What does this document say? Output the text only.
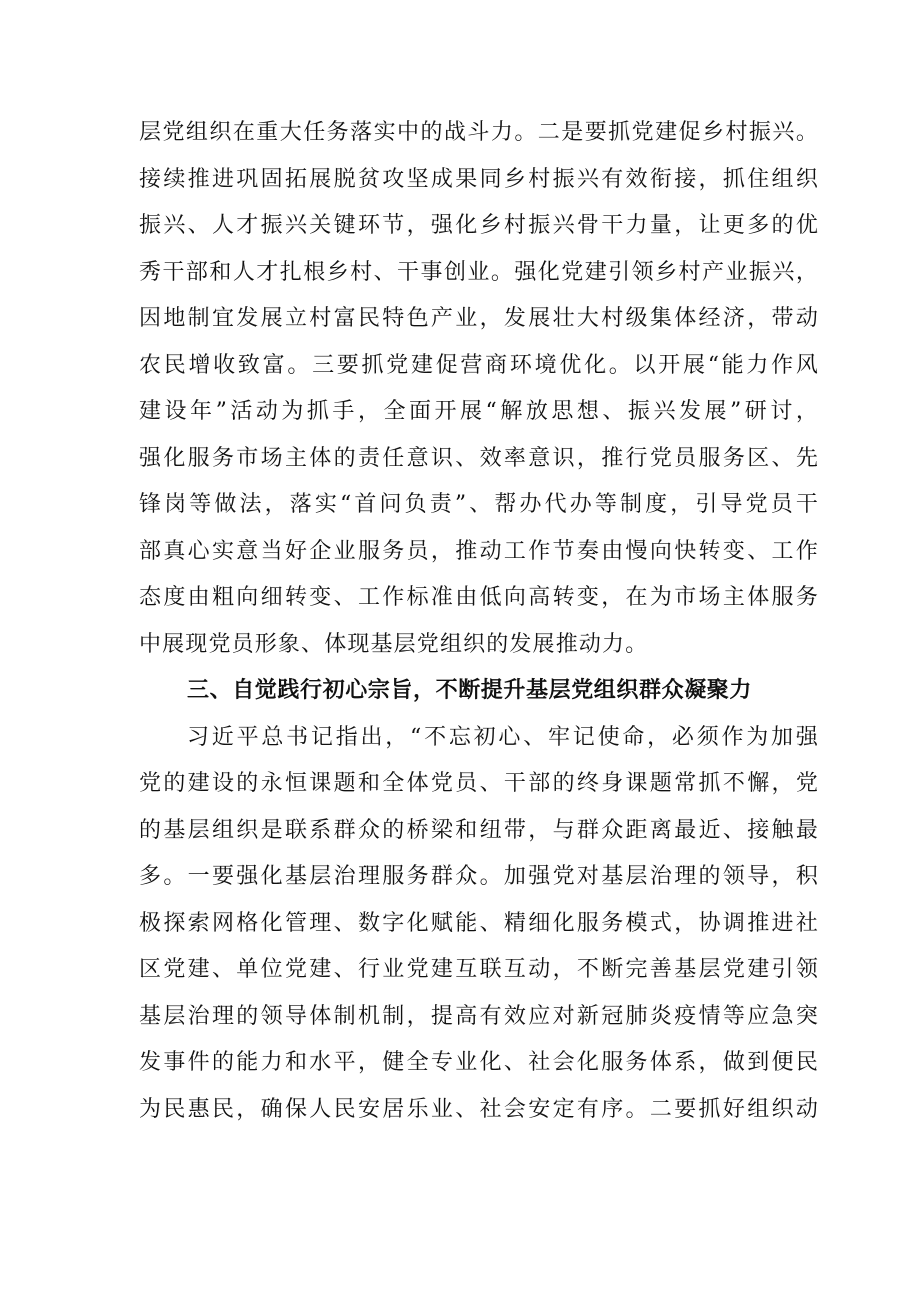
层党组织在重大任务落实中的战斗力。二是要抓党建促乡村振兴。
接续推进巩固拓展脱贫攻坚成果同乡村振兴有效衔接，抓住组织
振兴、人才振兴关键环节，强化乡村振兴骨干力量，让更多的优
秀干部和人才扎根乡村、干事创业。强化党建引领乡村产业振兴，
因地制宜发展立村富民特色产业，发展壮大村级集体经济，带动
农民增收致富。三要抓党建促营商环境优化。以开展“能力作风
建设年”活动为抓手，全面开展“解放思想、振兴发展”研讨，
强化服务市场主体的责任意识、效率意识，推行党员服务区、先
锋岗等做法，落实“首问负责”、帮办代办等制度，引导党员干
部真心实意当好企业服务员，推动工作节奏由慢向快转变、工作
态度由粗向细转变、工作标准由低向高转变，在为市场主体服务
中展现党员形象、体现基层党组织的发展推动力。
三、自觉践行初心宗旨，不断提升基层党组织群众凝聚力
习近平总书记指出，“不忘初心、牢记使命，必须作为加强
党的建设的永恒课题和全体党员、干部的终身课题常抓不懈，党
的基层组织是联系群众的桥梁和纽带，与群众距离最近、接触最
多。一要强化基层治理服务群众。加强党对基层治理的领导，积
极探索网格化管理、数字化赋能、精细化服务模式，协调推进社
区党建、单位党建、行业党建互联互动，不断完善基层党建引领
基层治理的领导体制机制，提高有效应对新冠肺炎疫情等应急突
发事件的能力和水平，健全专业化、社会化服务体系，做到便民
为民惠民，确保人民安居乐业、社会安定有序。二要抓好组织动
